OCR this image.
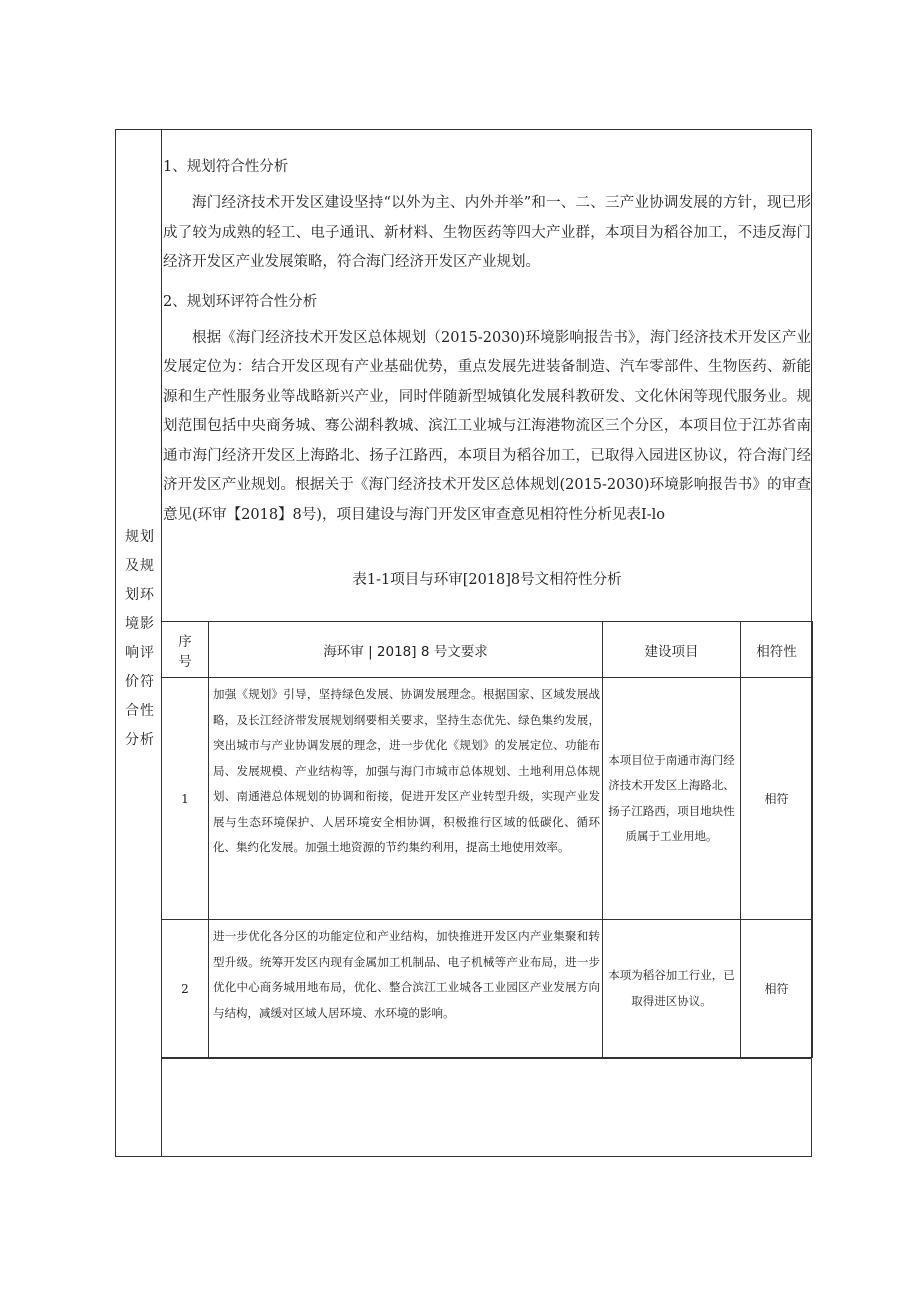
规划
及规
划环
境影
响评
价符
合性
分析
1、规划符合性分析

海门经济技术开发区建设坚持“以外为主、内外并举”和一、二、三产业协调发展的方针，现已形成了较为成熟的轻工、电子通讯、新材料、生物医药等四大产业群，本项目为稻谷加工，不违反海门经济开发区产业发展策略，符合海门经济开发区产业规划。

2、规划环评符合性分析

根据《海门经济技术开发区总体规划（2015-2030)环境影响报告书》，海门经济技术开发区产业发展定位为：结合开发区现有产业基础优势，重点发展先进装备制造、汽车零部件、生物医药、新能源和生产性服务业等战略新兴产业，同时伴随新型城镇化发展科教研发、文化休闲等现代服务业。规划范围包括中央商务城、骞公湖科教城、滨江工业城与江海港物流区三个分区，本项目位于江苏省南通市海门经济开发区上海路北、扬子江路西，本项目为稻谷加工，已取得入园进区协议，符合海门经济开发区产业规划。根据关于《海门经济技术开发区总体规划(2015-2030)环境影响报告书》的审查意见(环审【2018】8号)，项目建设与海门开发区审查意见相符性分析见表I-lo

表1-1项目与环审[2018]8号文相符性分析
序
号	海环审 | 2018] 8 号文要求	建设项目	相符性
1	加强《规划》引导，坚持绿色发展、协调发展理念。根据国家、区域发展战略，及长江经济带发展规划纲要相关要求，坚持生态优先、绿色集约发展，突出城市与产业协调发展的理念，进一步优化《规划》的发展定位、功能布局、发展规模、产业结构等，加强与海门市城市总体规划、土地利用总体规划、南通港总体规划的协调和衔接，促进开发区产业转型升级，实现产业发展与生态环境保护、人居环境安全相协调，积极推行区域的低碳化、循环化、集约化发展。加强土地资源的节约集约利用，提高土地使用效率。	本项目位于南通市海门经济技术开发区上海路北、扬子江路西，项目地块性质属于工业用地。	相符
2	进一步优化各分区的功能定位和产业结构，加快推进开发区内产业集聚和转型升级。统筹开发区内现有金属加工机制品、电子机械等产业布局，进一步优化中心商务城用地布局，优化、整合滨江工业城各工业园区产业发展方向与结构，减缓对区域人居环境、水环境的影响。	本项为稻谷加工行业，已取得进区协议。	相符
